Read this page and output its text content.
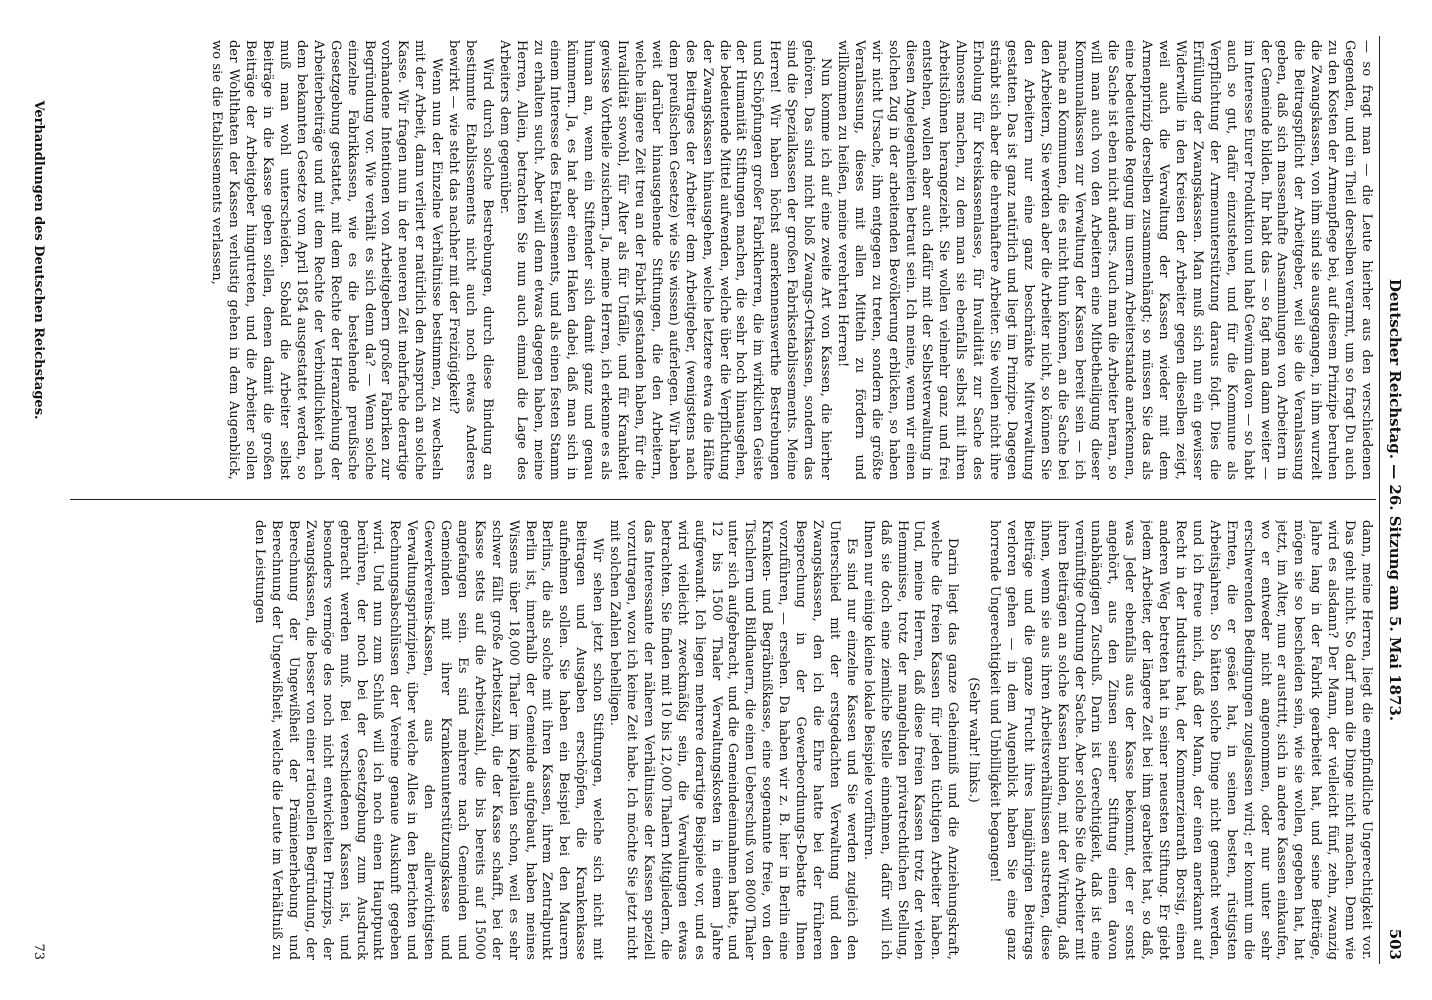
Deutscher Reichstag. — 26. Sitzung am 5. Mai 1873.
503

— so fragt man — die Leute hierher aus den verschiedenen Gegenden, und ein Theil derselben verarmt, um so fragt Du auch zu den Kosten der Armenpflege bei, auf diesem Prinzipe beruhen die Zwangskassen, von ihm sind sie ausgegangen, in ihm wurzelt die Beitragspflicht der Arbeitgeber, weil sie die Veranlassung geben, daß sich massenhafte Ansammlungen von Arbeitern in der Gemeinde bilden. Ihr habt das — so fagt man dann weiter — im Interesse Eurer Produktion und habt Gewinn davon — so habt auch so gut, dafür einzustehen, und für die Kommune als Verpflichtung der Armenunterstützung daraus folgt. Dies die Erfüllung der Zwangskassen. Man muß sich nun ein gewisser Widerwille in den Kreisen der Arbeiter gegen dieselben zeigt, weil auch die Verwaltung der Kassen wieder mit dem Armenprinzip derselben zusammenhängt; so müssen Sie das als eine bedeutende Regung im unserm Arbeiterstande anerkennen, die Sache ist eben nicht anders. Auch man die Arbeiter heran, so will man auch von den Arbeitern eine Mitbetheiligung dieser Kommunalkassen zur Verwaltung der Kassen bereit sein — ich mache an Kommunen, die es nicht thun können, an die Sache bei den Arbeitern, Sie werden aber die Arbeiter nicht, so können Sie den Arbeitern nur eine ganz beschränkte Mitverwaltung gestatten. Das ist ganz natürlich und liegt im Prinzipe. Dagegen stränbt sich aber die ehrenhaftere Arbeiter. Sie wollen nicht ihre Erholung für Kreiskassenlasse, für Invalidität zur Sache des Almosens machen, zu dem man sie ebenfalls selbst mit ihren Arbeitslöhnen herangezieht. Sie wollen vielmehr ganz und frei entstehen, wollen aber auch dafür mit der Selbstverwaltung in diesen Angelegenheiten betraut sein. Ich meine, wenn wir einen solchen Zug in der arbeitenden Bevölkerung erblicken, so haben wir nicht Ursache, ihm entgegen zu treten, sondern die größte Veranlassung, dieses mit allen Mitteln zu fördern und willkommen zu heißen, meine verehrten Herren!

Nun komme ich auf eine zweite Art von Kassen, die hierher gehören. Das sind nicht bloß Zwangs-Ortskassen, sondern das sind die Spezialkassen der großen Fabriksetablissements. Meine Herren! Wir haben höchst anerkennenswerthe Bestrebungen und Schöpfungen großer Fabrikherren, die im wirklichen Geiste der Humanität Stiftungen machen, die sehr hoch hinausgehen, die bedeutende Mittel aufwenden, welche über die Verpflichtung der Zwangskassen hinausgehen, welche letztere etwa die Hälfte des Beitrages der Arbeiter dem Arbeitgeber, (wenigstens nach dem preußischen Gesetze) wie Sie wissen) auferlegen. Wir haben weit darüber hinausgehende Stiftungen, die den Arbeitern, welche längere Zeit treu an der Fabrik gestanden haben, für die Invalidität sowohl, für Alter als für Unfälle, und für Krankheit gewisse Vortheile zusichern. Ja, meine Herren, ich erkenne es als human an, wenn ein Stiftender sich damit ganz und genau kümmern. Ja, es hat aber einen Haken dabei, daß man sich in einem Interesse des Etablissements, und als einen festen Stamm zu erhalten sucht. Aber will denn etwas dagegen haben, meine Herren, Allein, betrachten Sie nun auch einmal die Lage des Arbeiters dem gegenüber.

Wird durch solche Bestrebungen, durch diese Bindung an bestimmte Etablissements nicht auch noch etwas Anderes bewirkt — wie steht das nachher mit der Freizügigkeit?

Wenn nun der Einzelne Verhältnisse bestimmen, zu wechseln mit der Arbeit, dann verliert er natürlich den Anspruch an solche Kasse. Wir fragen nun in der neueren Zeit mehrfache derartige vorhandene Intentionen von Arbeitgebern großer Fabriken zur Begründung vor. Wie verhält es sich denn da? — Wenn solche einzelne Fabrikkassen, wie es die bestehende preußische Gesetzgebung gestattet, mit dem Rechte der Heranziehung der Arbeiterbeiträge und mit dem Rechte der Verbindlichkeit nach dem bekannten Gesetze vom April 1854 ausgestattet werden, so muß man wohl unterscheiden. Sobald die Arbeiter selbst Beiträge in die Kasse geben sollen, denen damit die großen Beiträge der Arbeitgeber hingutreten, und die Arbeiter sollen der Wohlthaten der Kassen verlustig gehen in dem Augenblick, wo sie die Etablissements verlassen,

dann, meine Herren, liegt die empfindliche Ungerechtigkeit vor. Das geht nicht. So darf man die Dinge nicht machen. Denn wie wird es alsdann? Der Mann, der vielleicht fünf, zehn, zwanzig Jahre lang in der Fabrik gearbeitet hat, und seine Beiträge, mögen sie so bescheiden sein, wie sie wollen, gegeben hat, hat jetzt, im Alter, nun er austritt, sich in andere Kassen einkaufen, wo er entweder nicht angenommen, oder nur unter sehr erschwerenden Bedingungen zugelassen wird; er kommt um die Ernten, die er gesäet hat, in seinen besten, rüstigsten Arbeitsjahren. So hätten solche Dinge nicht gemacht werden, und ich freue mich, daß der Mann, der einen anerkannt auf Recht in der Industrie hat, der Kommerzienrath Borsig, einen anderen Weg betreten hat in seiner neuesten Stiftung. Er giebt jedem Arbeiter, der längere Zeit bei ihm gearbeitet hat, so daß, was Jeder ebenfalls aus der Kasse bekommt, der er sonst angehört, aus den Zinsen seiner Stiftung einen davon unabhängigen Zuschuß. Darin ist Gerechtigkeit, daß ist eine vernünftige Ordnung der Sache. Aber solche Sie die Arbeiter mit ihren Beiträgen an solche Kassen binden, mit der Wirkung, daß ihnen, wenn sie aus ihren Arbeitsverhältnissen austreten, diese Beiträge und die ganze Frucht ihres langjährigen Beitrags verloren gehen — in dem Augenblick haben Sie eine ganz horrende Ungerechtigkeit und Unbilligkeit begangen!

(Sehr wahr! links.)

Darin liegt das ganze Geheimniß und die Anziehungskraft, welche die freien Kassen für jeden tüchtigen Arbeiter haben. Und, meine Herren, daß diese freien Kassen trotz der vielen Hemmnisse, trotz der mangelnden privatrechtlichen Stellung, daß sie doch eine ziemliche Stelle einnehmen, dafür will ich Ihnen nur einige kleine lokale Beispiele vorführen.

Es sind nur einzelne Kassen und Sie werden zugleich den Unterschied mit der erstgedachten Verwaltung und den Zwangskassen, den ich die Ehre hatte bei der früheren Besprechung in der Gewerbeordnungs-Debatte Ihnen vorzuführen, — ersehen. Da haben wir z. B. hier in Berlin eine Kranken- und Begräbnißkasse, eine sogenannte freie, von den Tischlern und Bildhauern, die einen Ueberschuß von 8000 Thaler unter sich aufgebracht, und die Gemeindeeinnahmen hatte, und 12 bis 1500 Thaler Verwaltungskosten in einem Jahre aufgewandt. Ich liegen mehrere derartige Beispiele vor, und es wird vielleicht zweckmäßig sein, die Verwaltungen etwas betrachten. Sie finden mit 10 bis 12,000 Thalern Mitgliedern, die das Interessante der näheren Verhältnisse der Kassen speziell vorzutragen, wozu ich keine Zeit habe. Ich möchte Sie jetzt nicht mit solchen Zahlen behelligen.

Wir sehen jetzt schon Stiftungen, welche sich nicht mit Beitragen und Ausgaben erschöpfen, die Krankenkasse aufnehmen sollen. Sie haben ein Beispiel bei den Maurern Berlins, die als solche mit ihren Kassen, ihrem Zentralpunkt Berlin ist, innerhalb der Gemeinde aufgebaut, haben meines Wissens über 18,000 Thaler im Kapitalien schon, weil es sehr schwer fällt große Arbeitszahl, die der Kasse schafft, bei der Kasse stets auf die Arbeitszahl, die bis bereits auf 15000 angefangen sein. Es sind mehrere nach Gemeinden und Gemeinden mit ihrer Krankenunterstützungskasse und Gewerkvereins-Kassen, aus den allerwichtigsten Verwaltungsprinzipien, über welche Alles in den Berichten und Rechnungsabschlüssen der Vereine genaue Auskunft gegeben wird. Und nun zum Schluß will ich noch einen Hauptpunkt berühren, der noch bei der Gesetzgebung zum Ausdruck gebracht werden muß. Bei verschiedenen Kassen ist, und besonders vermöge des noch nicht entwickelten Prinzips, der Zwangskassen, die besser von einer rationellen Begründung, der Berechnung der Ungewißheit der Prämienerhebung und Berechnung der Ungewißheit, welche die Leute im Verhältniß zu den Leistungen

Verhandlungen des Deutschen Reichstages.
73
